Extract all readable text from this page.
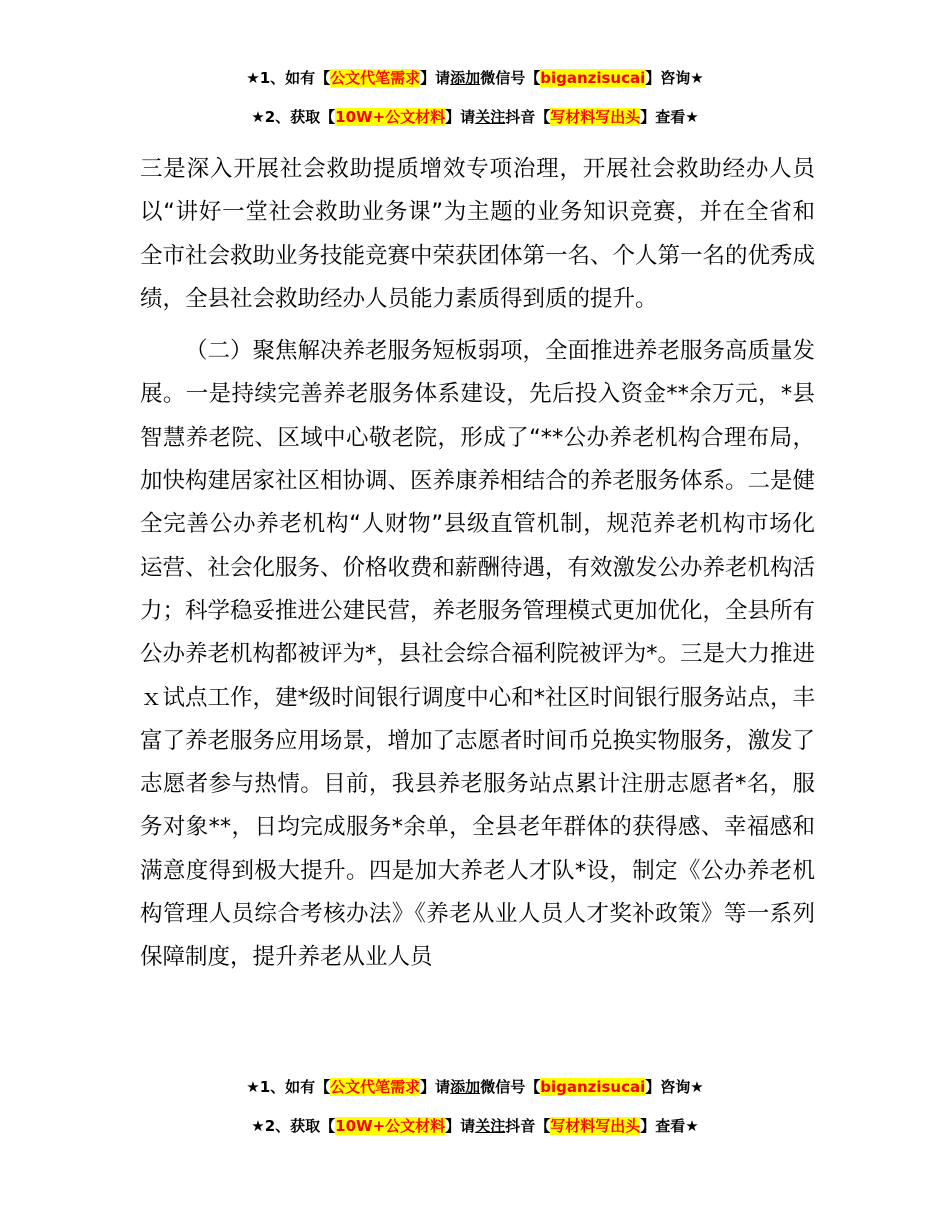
★1、如有【公文代笔需求】请添加微信号【biganzisucai】咨询★
★2、获取【10W+公文材料】请关注抖音【写材料写出头】查看★

三是深入开展社会救助提质增效专项治理，开展社会救助经办人员以“讲好一堂社会救助业务课”为主题的业务知识竞赛，并在全省和全市社会救助业务技能竞赛中荣获团体第一名、个人第一名的优秀成绩，全县社会救助经办人员能力素质得到质的提升。

（二）聚焦解决养老服务短板弱项，全面推进养老服务高质量发展。一是持续完善养老服务体系建设，先后投入资金**余万元，*县智慧养老院、区域中心敬老院，形成了“**公办养老机构合理布局，加快构建居家社区相协调、医养康养相结合的养老服务体系。二是健全完善公办养老机构“人财物”县级直管机制，规范养老机构市场化运营、社会化服务、价格收费和薪酬待遇，有效激发公办养老机构活力；科学稳妥推进公建民营，养老服务管理模式更加优化，全县所有公办养老机构都被评为*，县社会综合福利院被评为*。三是大力推进ｘ试点工作，建*级时间银行调度中心和*社区时间银行服务站点，丰富了养老服务应用场景，增加了志愿者时间币兑换实物服务，激发了志愿者参与热情。目前，我县养老服务站点累计注册志愿者*名，服务对象**，日均完成服务*余单，全县老年群体的获得感、幸福感和满意度得到极大提升。四是加大养老人才队*设，制定《公办养老机构管理人员综合考核办法》《养老从业人员人才奖补政策》等一系列保障制度，提升养老从业人员

★1、如有【公文代笔需求】请添加微信号【biganzisucai】咨询★
★2、获取【10W+公文材料】请关注抖音【写材料写出头】查看★
